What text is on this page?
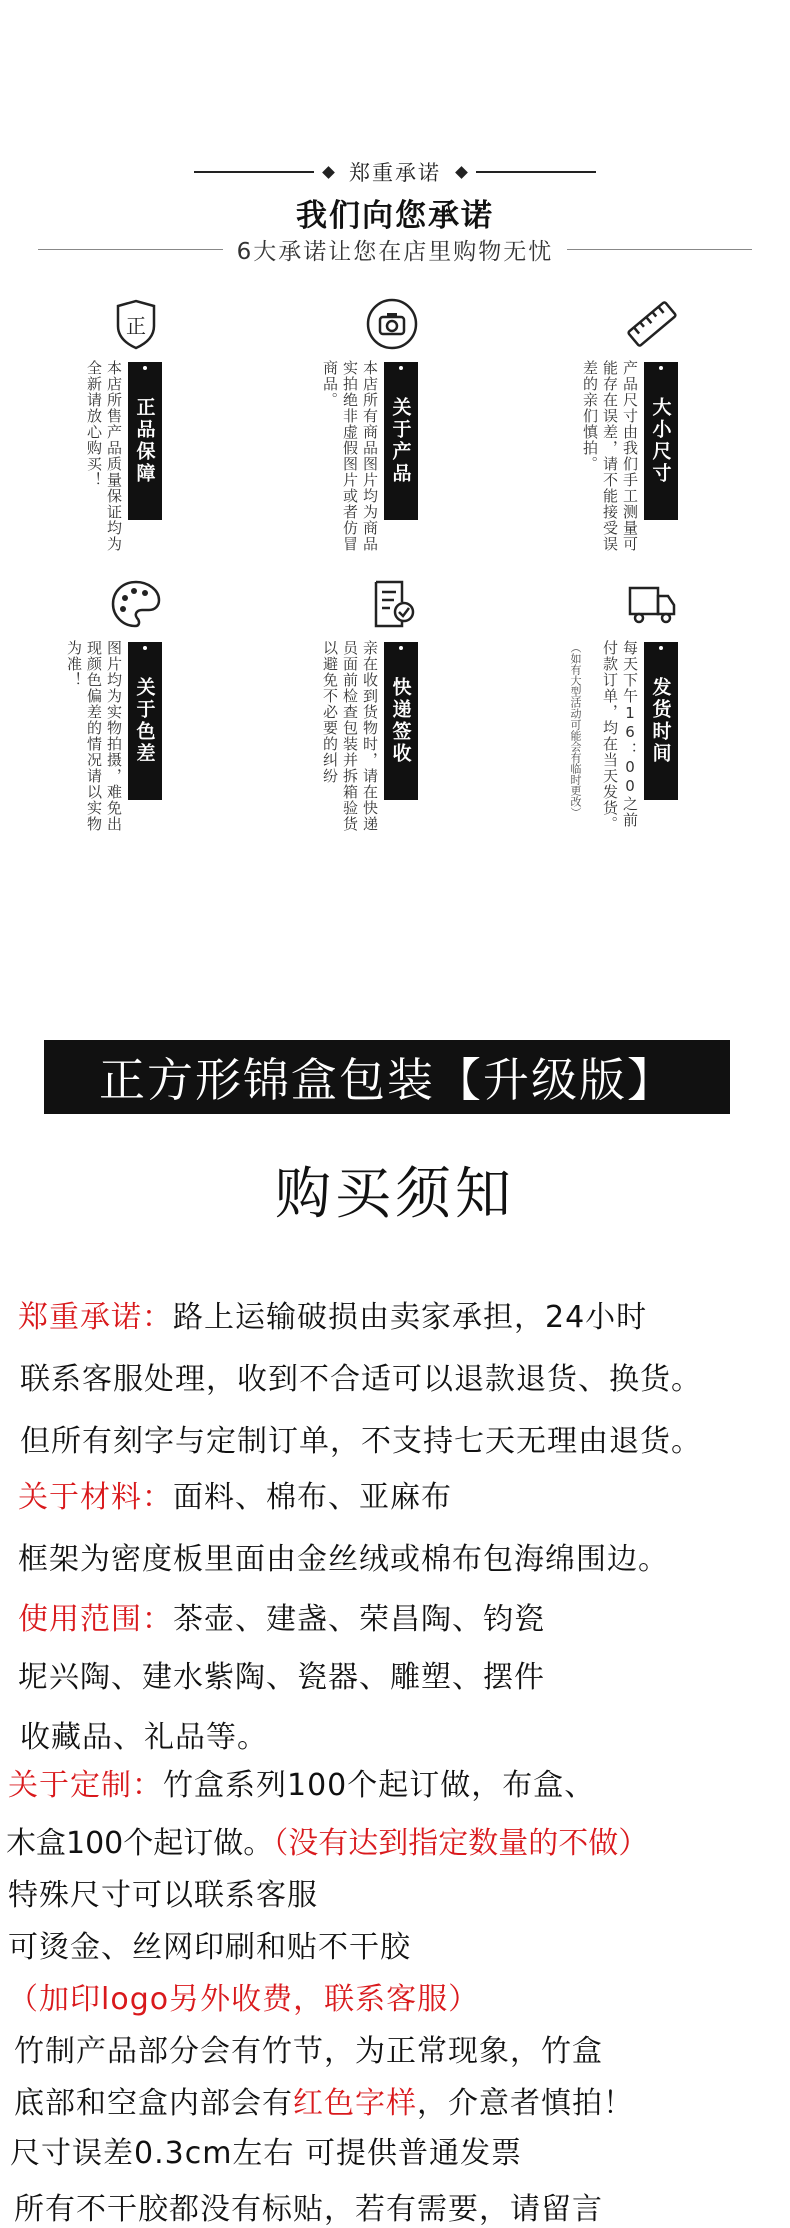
郑重承诺
我们向您承诺
6大承诺让您在店里购物无忧
大小尺寸
产品尺寸由我们手工测量可能存在误差，请不能接受误差的亲们慎拍。
关于产品
本店所有商品图片均为商品实拍绝非虚假图片或者仿冒商品。
正
正品保障
本店所售产品质量保证均为全新请放心购买！
发货时间
每天下午16：00之前付款订单，均在当天发货。
（如有大型活动可能会有临时更改）
快递签收
亲在收到货物时，请在快递员面前检查包装并拆箱验货以避免不必要的纠纷
关于色差
图片均为实物拍摄，难免出现颜色偏差的情况请以实物为准！
正方形锦盒包装【升级版】
购买须知
郑重承诺：路上运输破损由卖家承担，24小时
联系客服处理，收到不合适可以退款退货、换货。
但所有刻字与定制订单，不支持七天无理由退货。
关于材料：面料、棉布、亚麻布
框架为密度板里面由金丝绒或棉布包海绵围边。
使用范围：茶壶、建盏、荣昌陶、钧瓷
坭兴陶、建水紫陶、瓷器、雕塑、摆件
收藏品、礼品等。
关于定制：竹盒系列100个起订做，布盒、
木盒100个起订做。（没有达到指定数量的不做）
特殊尺寸可以联系客服
可烫金、丝网印刷和贴不干胶
（加印logo另外收费，联系客服）
竹制产品部分会有竹节，为正常现象，竹盒
底部和空盒内部会有红色字样，介意者慎拍！
尺寸误差0.3cm左右 可提供普通发票
所有不干胶都没有标贴，若有需要，请留言
